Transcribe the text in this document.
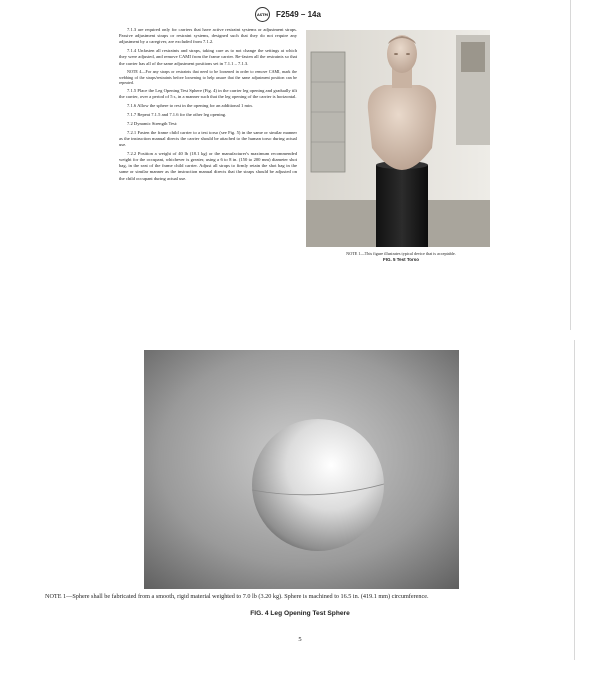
ASTM F2549 – 14a

7.1.3 are required only for carriers that have active restraint systems or adjustment straps. Passive adjustment straps or restraint systems, designed such that they do not require any adjustment by a caregiver, are excluded from 7.1.2.

7.1.4 Unfasten all restraints and straps, taking care as to not change the settings at which they were adjusted, and remove CAMI from the frame carrier. Re-fasten all the restraints so that the carrier has all of the same adjustment positions set in 7.1.1 – 7.1.3.

NOTE 4—For any straps or restraints that need to be loosened in order to remove CAMI, mark the webbing of the straps/restraints before loosening to help assure that the same adjustment position can be repeated.

7.1.5 Place the Leg Opening Test Sphere (Fig. 4) in the carrier leg opening and gradually tilt the carrier, over a period of 5 s, in a manner such that the leg opening of the carrier is horizontal.

7.1.6 Allow the sphere to rest in the opening for an additional 1 min.

7.1.7 Repeat 7.1.5 and 7.1.6 for the other leg opening.

7.2 Dynamic Strength Test:

7.2.1 Fasten the frame child carrier to a test torso (see Fig. 5) in the same or similar manner as the instruction manual directs the carrier should be attached to the human torso during actual use.

7.2.2 Position a weight of 40 lb (18.1 kg) or the manufacturer's maximum recommended weight for the occupant, whichever is greater, using a 6 to 8 in. (150 to 200 mm) diameter shot bag, in the seat of the frame child carrier. Adjust all straps to firmly retain the shot bag in the same or similar manner as the instruction manual directs that the straps should be adjusted on the child occupant during actual use.

NOTE 1—This figure illustrates typical device that is acceptable.
FIG. 5 Test Torso
NOTE 1—Sphere shall be fabricated from a smooth, rigid material weighted to 7.0 lb (3.20 kg). Sphere is machined to 16.5 in. (419.1 mm) circumference.
FIG. 4 Leg Opening Test Sphere
5
